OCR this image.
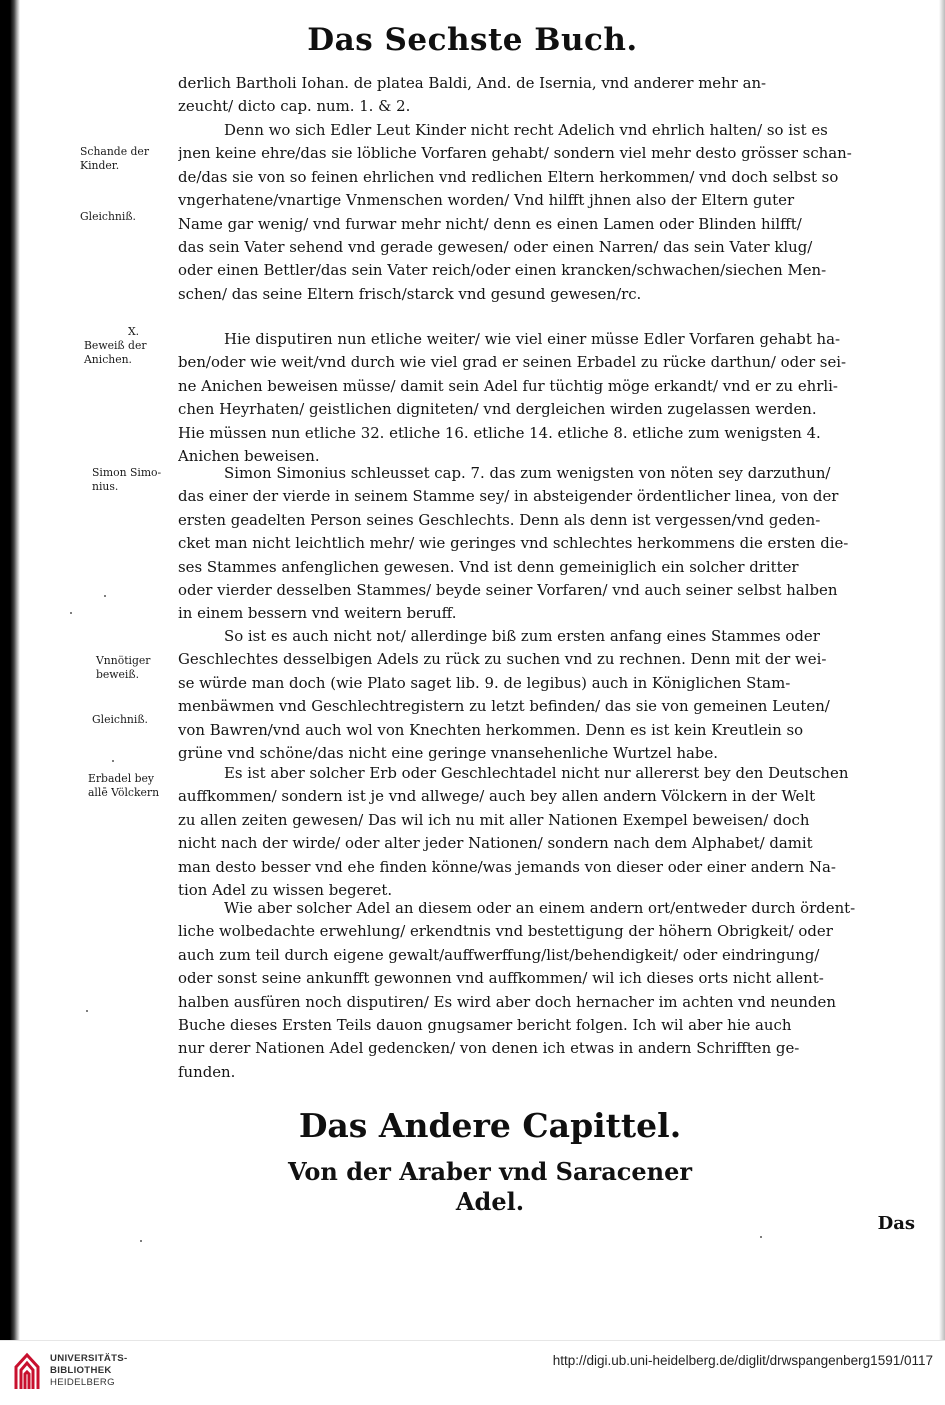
Das Sechste Buch.
derlich Bartholi Iohan. de platea Baldi, And. de Isernia, vnd anderer mehr an-
zeucht/ dicto cap. num. 1. & 2.
Denn wo sich Edler Leut Kinder nicht recht Adelich vnd ehrlich halten/ so ist es
jnen keine ehre/das sie löbliche Vorfaren gehabt/ sondern viel mehr desto grösser schan-
de/das sie von so feinen ehrlichen vnd redlichen Eltern herkommen/ vnd doch selbst so
vngerhatene/vnartige Vnmenschen worden/ Vnd hilfft jhnen also der Eltern guter
Name gar wenig/ vnd furwar mehr nicht/ denn es einen Lamen oder Blinden hilfft/
das sein Vater sehend vnd gerade gewesen/ oder einen Narren/ das sein Vater klug/
oder einen Bettler/das sein Vater reich/oder einen krancken/schwachen/siechen Men-
schen/ das seine Eltern frisch/starck vnd gesund gewesen/rc.
Hie disputiren nun etliche weiter/ wie viel einer müsse Edler Vorfaren gehabt ha-
ben/oder wie weit/vnd durch wie viel grad er seinen Erbadel zu rücke darthun/ oder sei-
ne Anichen beweisen müsse/ damit sein Adel fur tüchtig möge erkandt/ vnd er zu ehrli-
chen Heyrhaten/ geistlichen digniteten/ vnd dergleichen wirden zugelassen werden.
Hie müssen nun etliche 32. etliche 16. etliche 14. etliche 8. etliche zum wenigsten 4.
Anichen beweisen.
Simon Simonius schleusset cap. 7. das zum wenigsten von nöten sey darzuthun/
das einer der vierde in seinem Stamme sey/ in absteigender ördentlicher linea, von der
ersten geadelten Person seines Geschlechts. Denn als denn ist vergessen/vnd geden-
cket man nicht leichtlich mehr/ wie geringes vnd schlechtes herkommens die ersten die-
ses Stammes anfenglichen gewesen. Vnd ist denn gemeiniglich ein solcher dritter
oder vierder desselben Stammes/ beyde seiner Vorfaren/ vnd auch seiner selbst halben
in einem bessern vnd weitern beruff.
So ist es auch nicht not/ allerdinge biß zum ersten anfang eines Stammes oder
Geschlechtes desselbigen Adels zu rück zu suchen vnd zu rechnen. Denn mit der wei-
se würde man doch (wie Plato saget lib. 9. de legibus) auch in Königlichen Stam-
menbäwmen vnd Geschlechtregistern zu letzt befinden/ das sie von gemeinen Leuten/
von Bawren/vnd auch wol von Knechten herkommen. Denn es ist kein Kreutlein so
grüne vnd schöne/das nicht eine geringe vnansehenliche Wurtzel habe.
Es ist aber solcher Erb oder Geschlechtadel nicht nur allererst bey den Deutschen
auffkommen/ sondern ist je vnd allwege/ auch bey allen andern Völckern in der Welt
zu allen zeiten gewesen/ Das wil ich nu mit aller Nationen Exempel beweisen/ doch
nicht nach der wirde/ oder alter jeder Nationen/ sondern nach dem Alphabet/ damit
man desto besser vnd ehe finden könne/was jemands von dieser oder einer andern Na-
tion Adel zu wissen begeret.
Wie aber solcher Adel an diesem oder an einem andern ort/entweder durch ördent-
liche wolbedachte erwehlung/ erkendtnis vnd bestettigung der höhern Obrigkeit/ oder
auch zum teil durch eigene gewalt/auffwerffung/list/behendigkeit/ oder eindringung/
oder sonst seine ankunfft gewonnen vnd auffkommen/ wil ich dieses orts nicht allent-
halben ausfüren noch disputiren/ Es wird aber doch hernacher im achten vnd neunden
Buche dieses Ersten Teils dauon gnugsamer bericht folgen. Ich wil aber hie auch
nur derer Nationen Adel gedencken/ von denen ich etwas in andern Schrifften ge-
funden.
Schande der
Kinder.
Gleichniß.
X.
Beweiß der
Anichen.
Simon Simo-
nius.
Vnnötiger
beweiß.
Gleichniß.
Erbadel bey
allē Völckern
Das Andere Capittel.
Von der Araber vnd Saracener
Adel.
Das
UNIVERSITÄTS-
BIBLIOTHEK
HEIDELBERG
http://digi.ub.uni-heidelberg.de/diglit/drwspangenberg1591/0117
